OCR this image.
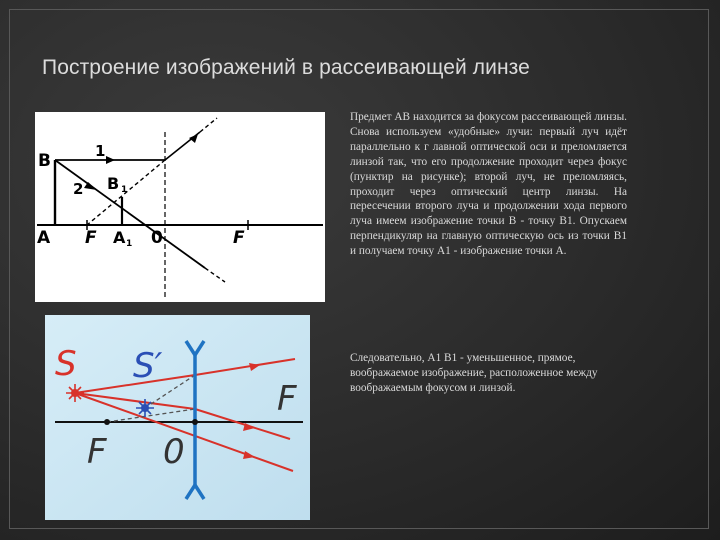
Построение изображений в рассеивающей линзе
B	1
2 B 1
A F A 1 0	F
S S′
F
F 0
Предмет AB находится за фокусом рассеивающей линзы. Снова используем «удобные» лучи: первый луч идёт параллельно к г лавной оптической оси и преломляется линзой так, что его продолжение проходит через фокус (пунктир на рисунке); второй луч, не преломляясь, проходит через оптический центр линзы. На пересечении второго луча и продолжении хода первого луча имеем изображение точки В - точку В1. Опускаем перпендикуляр на главную оптическую ось из точки В1 и получаем точку А1 - изображение точки А.
Следовательно, А1 В1 - уменьшенное, прямое, воображаемое изображение, расположенное между воображаемым фокусом и линзой.
